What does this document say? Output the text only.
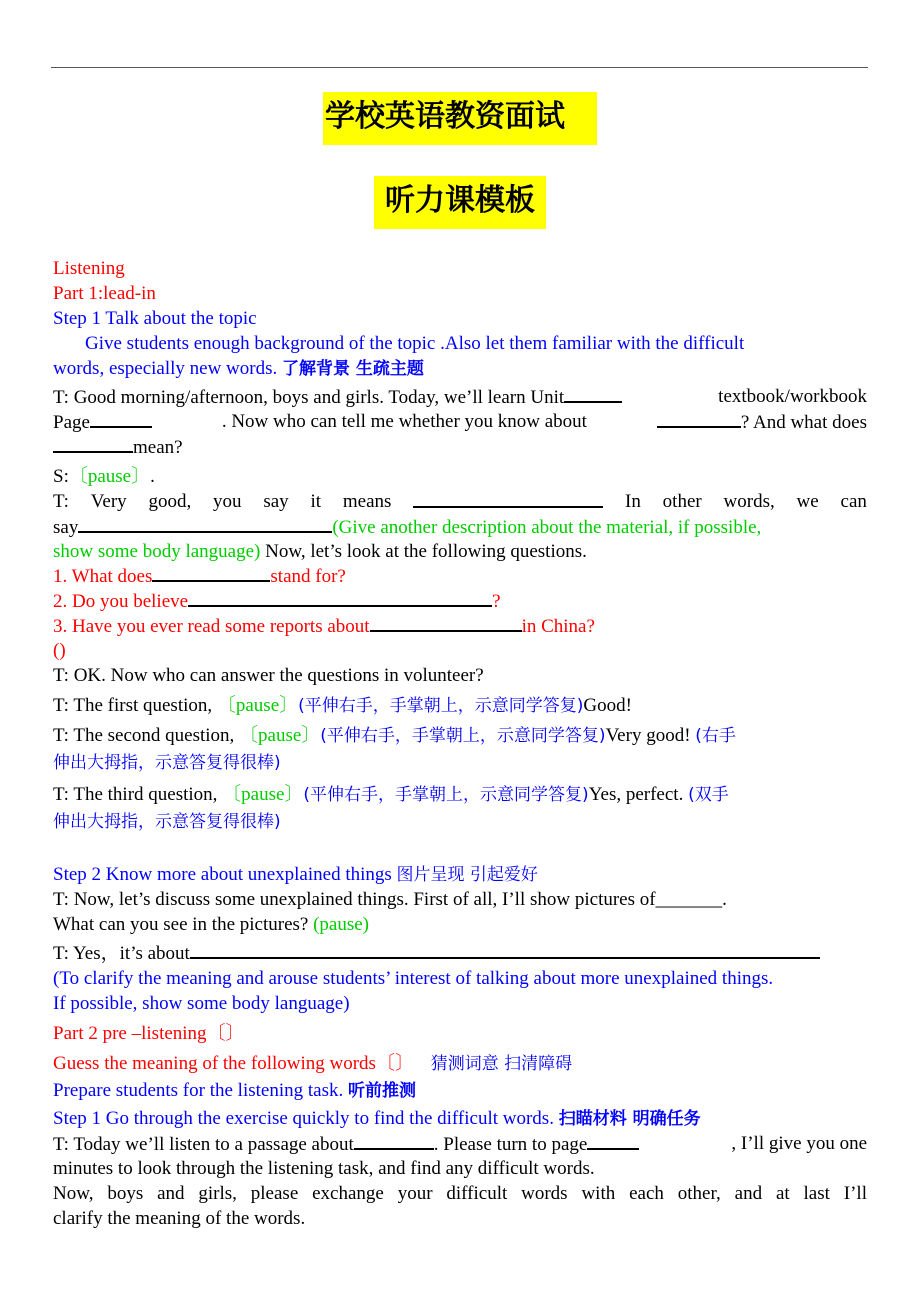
学校英语教资面试
听力课模板
Listening
Part 1:lead-in
Step 1 Talk about the topic
Give students enough background of the topic .Also let them familiar with the difficult
words, especially new words. 了解背景 生疏主题
T: Good morning/afternoon, boys and girls. Today, we’ll learn Unit	textbook/workbook
Page	. Now who can tell me whether you know about	? And what does
mean?
S:〔pause〕.
T: Very good, you say it means	In other words, we can
say	(Give another description about the material, if possible,
show some body language) Now, let’s look at the following questions.
1. What does	stand for?
2. Do you believe	?
3. Have you ever read some reports about	in China?
()
T: OK. Now who can answer the questions in volunteer?
T: The first question, 〔pause〕(平伸右手，手掌朝上，示意同学答复)Good!
T: The second question, 〔pause〕(平伸右手，手掌朝上，示意同学答复)Very good! (右手
伸出大拇指，示意答复得很棒)
T: The third question, 〔pause〕(平伸右手，手掌朝上，示意同学答复)Yes, perfect. (双手
伸出大拇指，示意答复得很棒)
Step 2 Know more about unexplained things 图片呈现 引起爱好
T: Now, let’s discuss some unexplained things. First of all, I’ll show pictures of_______.
What can you see in the pictures? (pause)
T: Yes，it’s about
(To clarify the meaning and arouse students’ interest of talking about more unexplained things.
If possible, show some body language)
Part 2 pre –listening〔〕
Guess the meaning of the following words〔〕 猜测词意 扫清障碍
Prepare students for the listening task. 听前推测
Step 1 Go through the exercise quickly to find the difficult words. 扫瞄材料 明确任务
T: Today we’ll listen to a passage about	. Please turn to page	, I’ll give you one
minutes to look through the listening task, and find any difficult words.
Now, boys and girls, please exchange your difficult words with each other, and at last I’ll
clarify the meaning of the words.
